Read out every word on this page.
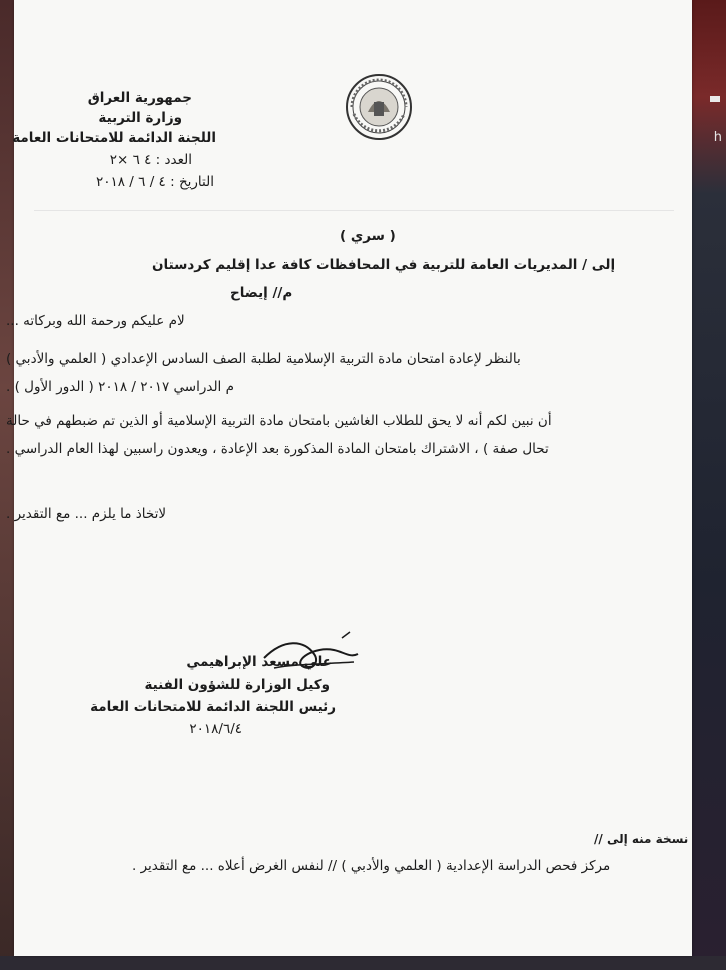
h
جمهورية العراق
وزارة التربية
اللجنة الدائمة للامتحانات العامة
العدد : ٤ ٦ ×٢
التاريخ : ٤ / ٦ / ٢٠١٨
( سري )
إلى / المديريات العامة للتربية في المحافظات كافة عدا إقليم كردستان
م// إيضاح
لام عليكم ورحمة الله وبركاته ...
بالنظر لإعادة امتحان مادة التربية الإسلامية لطلبة الصف السادس الإعدادي ( العلمي والأدبي )
م الدراسي ٢٠١٧ / ٢٠١٨ ( الدور الأول ) .
أن نبين لكم أنه لا يحق للطلاب الغاشين بامتحان مادة التربية الإسلامية أو الذين تم ضبطهم في حالة
تحال صفة ) ، الاشتراك بامتحان المادة المذكورة بعد الإعادة ، ويعدون راسبين لهذا العام الدراسي .
لاتخاذ ما يلزم ... مع التقدير .
علي مسعد الإبراهيمي
وكيل الوزارة للشؤون الفنية
رئيس اللجنة الدائمة للامتحانات العامة
٢٠١٨/٦/٤
نسخة منه إلى //
مركز فحص الدراسة الإعدادية ( العلمي والأدبي ) // لنفس الغرض أعلاه ... مع التقدير .
